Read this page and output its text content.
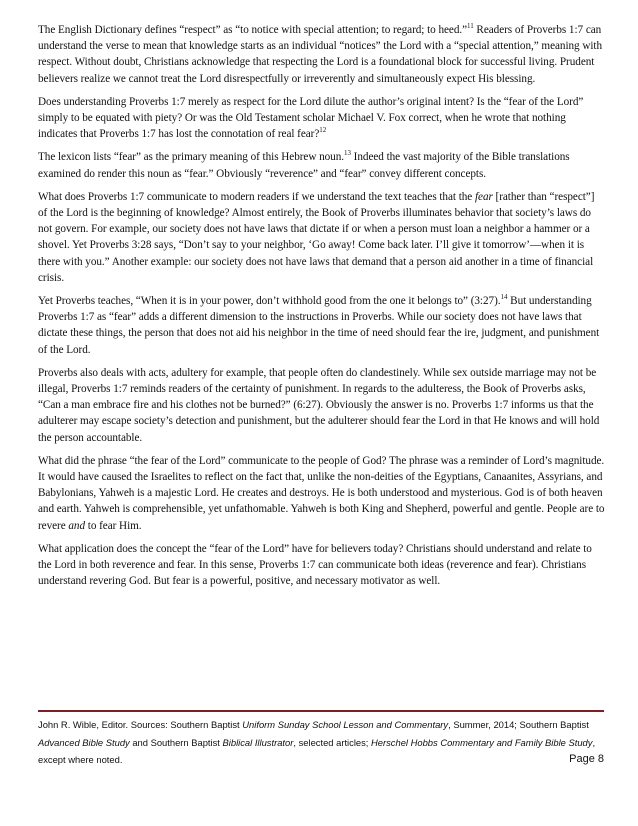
The English Dictionary defines “respect” as “to notice with special attention; to regard; to heed.”$^{11}$ Readers of Proverbs 1:7 can understand the verse to mean that knowledge starts as an individual “notices” the Lord with a “special attention,” meaning with respect. Without doubt, Christians acknowledge that respecting the Lord is a foundational block for successful living. Prudent believers realize we cannot treat the Lord disrespectfully or irreverently and simultaneously expect His blessing.

Does understanding Proverbs 1:7 merely as respect for the Lord dilute the author’s original intent? Is the “fear of the Lord” simply to be equated with piety? Or was the Old Testament scholar Michael V. Fox correct, when he wrote that nothing indicates that Proverbs 1:7 has lost the connotation of real fear?$^{12}$

The lexicon lists “fear” as the primary meaning of this Hebrew noun.$^{13}$ Indeed the vast majority of the Bible translations examined do render this noun as “fear.” Obviously “reverence” and “fear” convey different concepts.

What does Proverbs 1:7 communicate to modern readers if we understand the text teaches that the fear [rather than “respect”] of the Lord is the beginning of knowledge? Almost entirely, the Book of Proverbs illuminates behavior that society’s laws do not govern. For example, our society does not have laws that dictate if or when a person must loan a neighbor a hammer or a shovel. Yet Proverbs 3:28 says, “Don’t say to your neighbor, ‘Go away! Come back later. I’ll give it tomorrow’—when it is there with you.” Another example: our society does not have laws that demand that a person aid another in a time of financial crisis.

Yet Proverbs teaches, “When it is in your power, don’t withhold good from the one it belongs to” (3:27).$^{14}$ But understanding Proverbs 1:7 as “fear” adds a different dimension to the instructions in Proverbs. While our society does not have laws that dictate these things, the person that does not aid his neighbor in the time of need should fear the ire, judgment, and punishment of the Lord.

Proverbs also deals with acts, adultery for example, that people often do clandestinely. While sex outside marriage may not be illegal, Proverbs 1:7 reminds readers of the certainty of punishment. In regards to the adulteress, the Book of Proverbs asks, “Can a man embrace fire and his clothes not be burned?” (6:27). Obviously the answer is no. Proverbs 1:7 informs us that the adulterer may escape society’s detection and punishment, but the adulterer should fear the Lord in that He knows and will hold the person accountable.

What did the phrase “the fear of the Lord” communicate to the people of God? The phrase was a reminder of Lord’s magnitude. It would have caused the Israelites to reflect on the fact that, unlike the non-deities of the Egyptians, Canaanites, Assyrians, and Babylonians, Yahweh is a majestic Lord. He creates and destroys. He is both understood and mysterious. God is of both heaven and earth. Yahweh is comprehensible, yet unfathomable. Yahweh is both King and Shepherd, powerful and gentle. People are to revere and to fear Him.

What application does the concept the “fear of the Lord” have for believers today? Christians should understand and relate to the Lord in both reverence and fear. In this sense, Proverbs 1:7 can communicate both ideas (reverence and fear). Christians understand revering God. But fear is a powerful, positive, and necessary motivator as well.

John R. Wible, Editor. Sources: Southern Baptist Uniform Sunday School Lesson and Commentary, Summer, 2014; Southern Baptist Advanced Bible Study and Southern Baptist Biblical Illustrator, selected articles; Herschel Hobbs Commentary and Family Bible Study, except where noted.	Page 8
